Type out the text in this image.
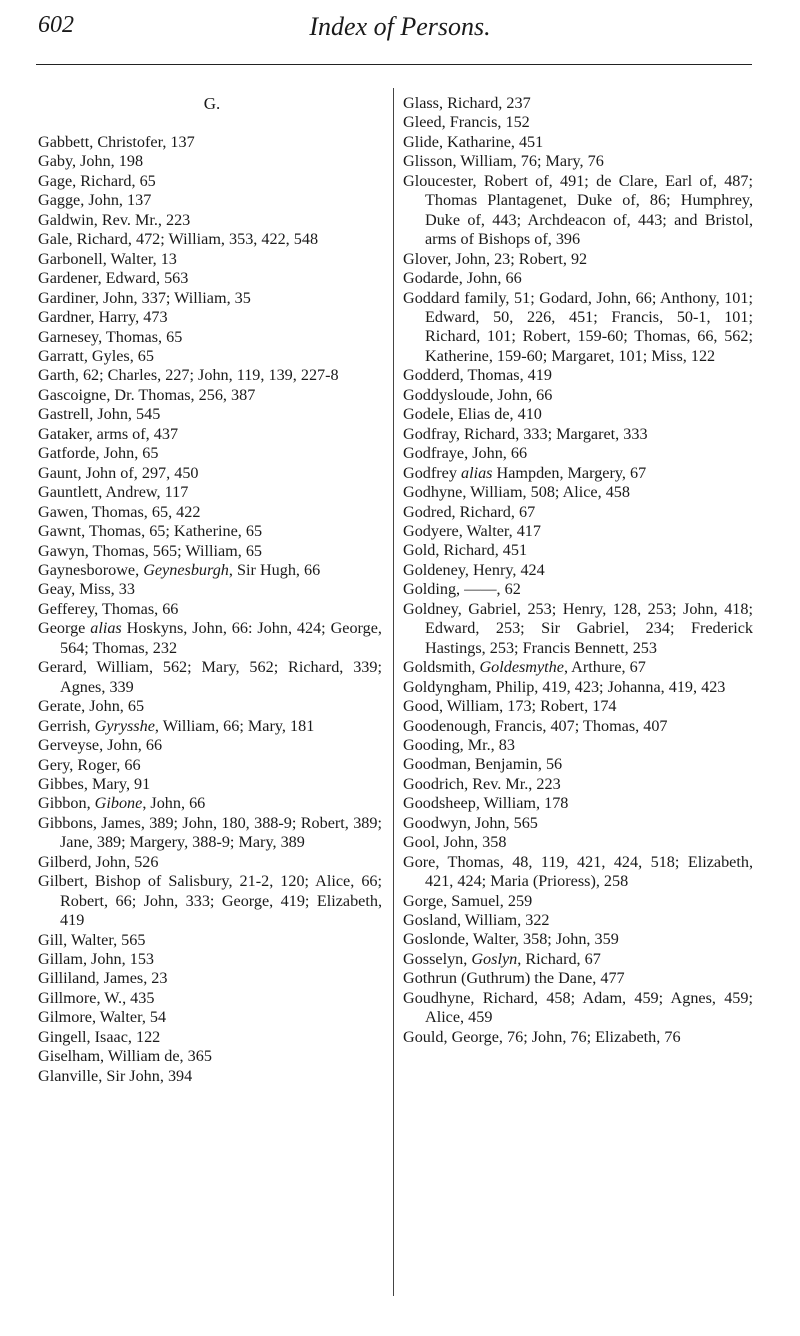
602	Index of Persons.
G.
Gabbett, Christofer, 137
Gaby, John, 198
Gage, Richard, 65
Gagge, John, 137
Galdwin, Rev. Mr., 223
Gale, Richard, 472; William, 353, 422, 548
Garbonell, Walter, 13
Gardener, Edward, 563
Gardiner, John, 337; William, 35
Gardner, Harry, 473
Garnesey, Thomas, 65
Garratt, Gyles, 65
Garth, 62; Charles, 227; John, 119, 139, 227-8
Gascoigne, Dr. Thomas, 256, 387
Gastrell, John, 545
Gataker, arms of, 437
Gatforde, John, 65
Gaunt, John of, 297, 450
Gauntlett, Andrew, 117
Gawen, Thomas, 65, 422
Gawnt, Thomas, 65; Katherine, 65
Gawyn, Thomas, 565; William, 65
Gaynesborowe, Geynesburgh, Sir Hugh, 66
Geay, Miss, 33
Gefferey, Thomas, 66
George alias Hoskyns, John, 66: John, 424; George, 564; Thomas, 232
Gerard, William, 562; Mary, 562; Richard, 339; Agnes, 339
Gerate, John, 65
Gerrish, Gyrysshe, William, 66; Mary, 181
Gerveyse, John, 66
Gery, Roger, 66
Gibbes, Mary, 91
Gibbon, Gibone, John, 66
Gibbons, James, 389; John, 180, 388-9; Robert, 389; Jane, 389; Margery, 388-9; Mary, 389
Gilberd, John, 526
Gilbert, Bishop of Salisbury, 21-2, 120; Alice, 66; Robert, 66; John, 333; George, 419; Elizabeth, 419
Gill, Walter, 565
Gillam, John, 153
Gilliland, James, 23
Gillmore, W., 435
Gilmore, Walter, 54
Gingell, Isaac, 122
Giselham, William de, 365
Glanville, Sir John, 394
Glass, Richard, 237
Gleed, Francis, 152
Glide, Katharine, 451
Glisson, William, 76; Mary, 76
Gloucester, Robert of, 491; de Clare, Earl of, 487; Thomas Plantagenet, Duke of, 86; Humphrey, Duke of, 443; Archdeacon of, 443; and Bristol, arms of Bishops of, 396
Glover, John, 23; Robert, 92
Godarde, John, 66
Goddard family, 51; Godard, John, 66; Anthony, 101; Edward, 50, 226, 451; Francis, 50-1, 101; Richard, 101; Robert, 159-60; Thomas, 66, 562; Katherine, 159-60; Margaret, 101; Miss, 122
Godderd, Thomas, 419
Goddysloude, John, 66
Godele, Elias de, 410
Godfray, Richard, 333; Margaret, 333
Godfraye, John, 66
Godfrey alias Hampden, Margery, 67
Godhyne, William, 508; Alice, 458
Godred, Richard, 67
Godyere, Walter, 417
Gold, Richard, 451
Goldeney, Henry, 424
Golding, ——, 62
Goldney, Gabriel, 253; Henry, 128, 253; John, 418; Edward, 253; Sir Gabriel, 234; Frederick Hastings, 253; Francis Bennett, 253
Goldsmith, Goldesmythe, Arthure, 67
Goldyngham, Philip, 419, 423; Johanna, 419, 423
Good, William, 173; Robert, 174
Goodenough, Francis, 407; Thomas, 407
Gooding, Mr., 83
Goodman, Benjamin, 56
Goodrich, Rev. Mr., 223
Goodsheep, William, 178
Goodwyn, John, 565
Gool, John, 358
Gore, Thomas, 48, 119, 421, 424, 518; Elizabeth, 421, 424; Maria (Prioress), 258
Gorge, Samuel, 259
Gosland, William, 322
Goslonde, Walter, 358; John, 359
Gosselyn, Goslyn, Richard, 67
Gothrun (Guthrum) the Dane, 477
Goudhyne, Richard, 458; Adam, 459; Agnes, 459; Alice, 459
Gould, George, 76; John, 76; Elizabeth, 76
